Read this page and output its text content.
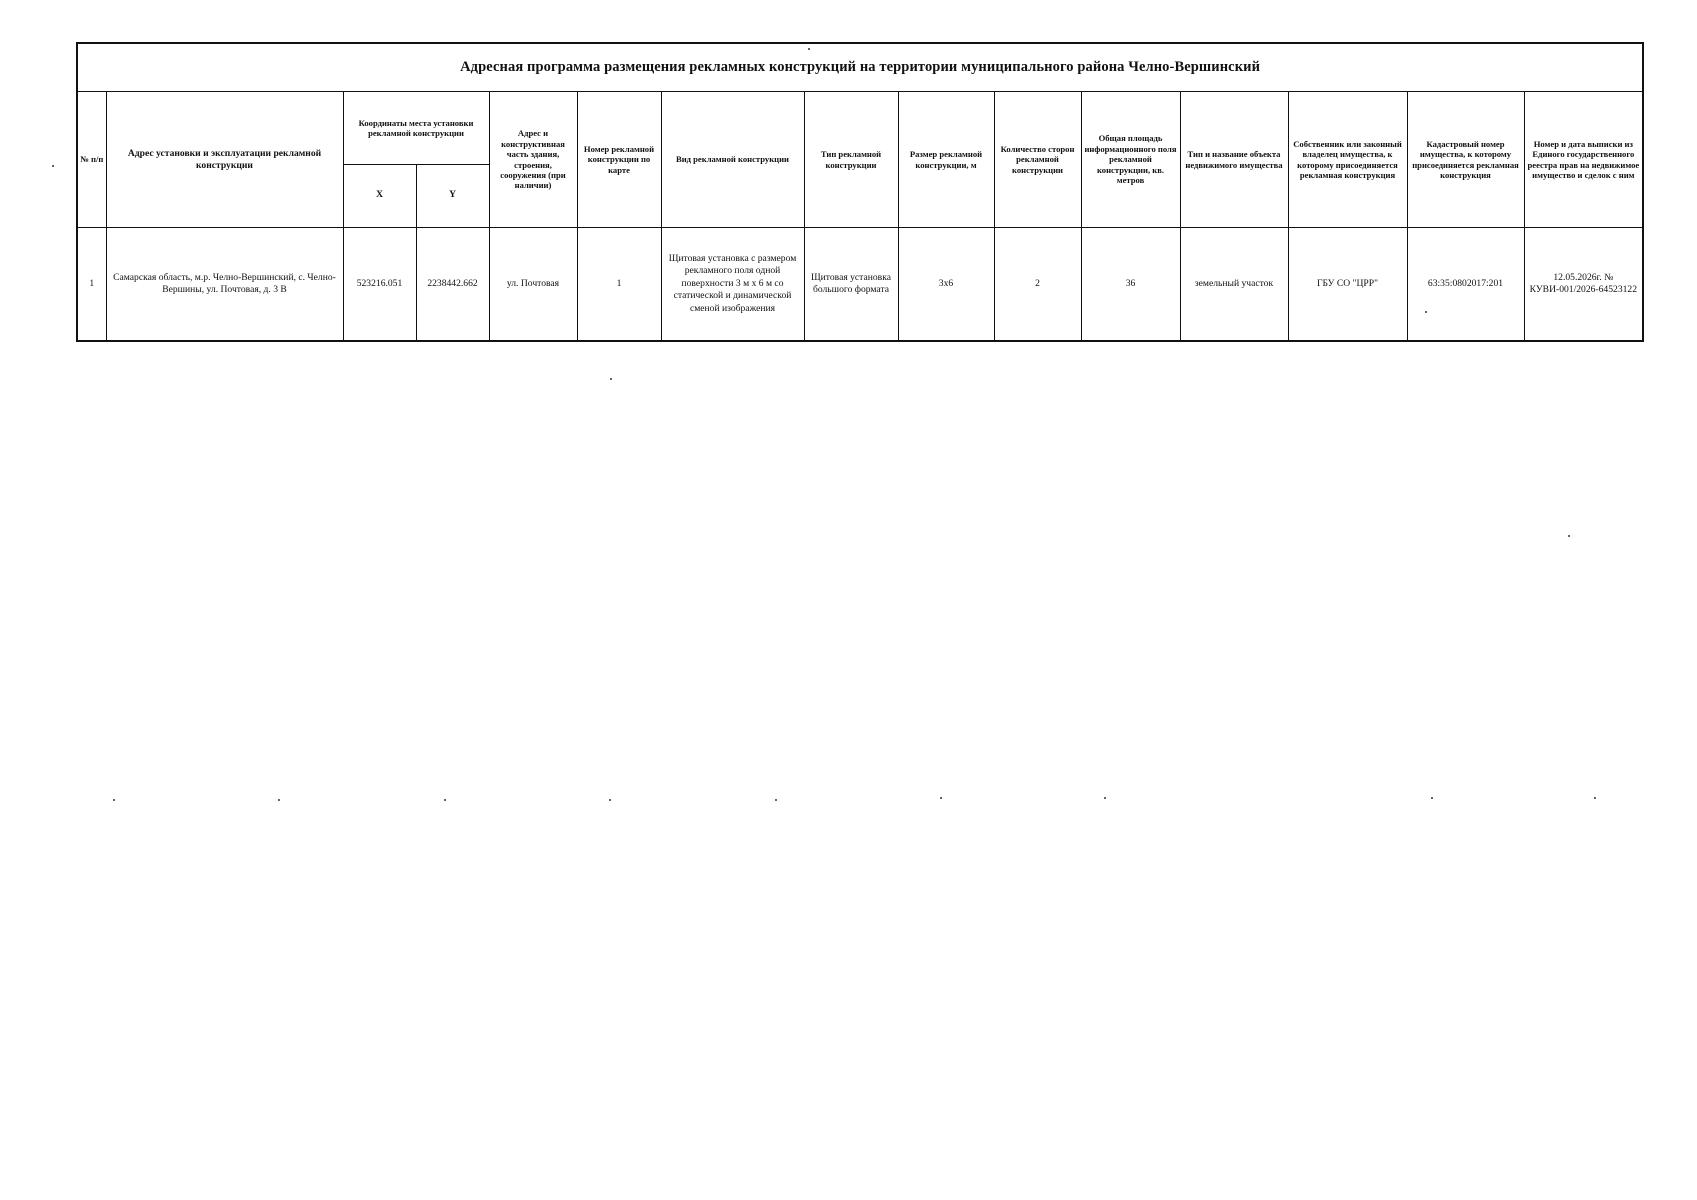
Адресная программа размещения рекламных конструкций на территории муниципального района Челно-Вершинский														
№ п/п	Адрес установки и эксплуатации рекламной конструкции	Координаты места установки рекламной конструкции		Адрес и конструктивная часть здания, строения, сооружения (при наличии)	Номер рекламной конструкции по карте	Вид рекламной конструкции	Тип рекламной конструкции	Размер рекламной конструкции, м	Количество сторон рекламной конструкции	Общая площадь информационного поля рекламной конструкции, кв. метров	Тип и название объекта недвижимого имущества	Собственник или законный владелец имущества, к которому присоединяется рекламная конструкция	Кадастровый номер имущества, к которому присоединяется рекламная конструкция	Номер и дата выписки из Единого государственного реестра прав на недвижимое имущество и сделок с ним
		X	Y											
1	Самарская область, м.р. Челно-Вершинский, с. Челно-Вершины, ул. Почтовая, д. 3 В	523216.051	2238442.662	ул. Почтовая	1	Щитовая установка с размером рекламного поля одной поверхности 3 м х 6 м со статической и динамической сменой изображения	Щитовая установка большого формата	3х6	2	36	земельный участок	ГБУ СО "ЦРР"	63:35:0802017:201	12.05.2026г. № КУВИ-001/2026-64523122
